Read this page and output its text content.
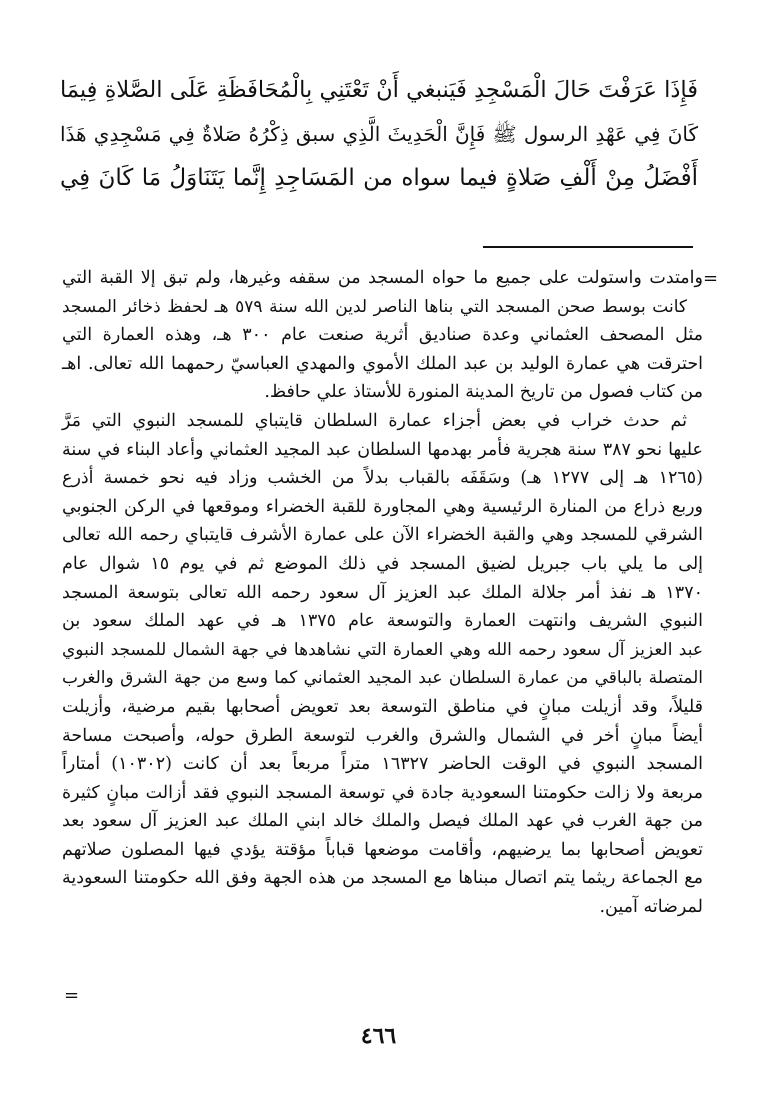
فَإِذَا عَرَفْتَ حَالَ الْمَسْجِدِ فَيَنبغي أَنْ تَعْتَنِي بِالْمُحَافَظَةِ عَلَى الصَّلاةِ فِيمَا
كَانَ فِي عَهْدِ الرسول ﷺ فَإِنَّ الْحَدِيثَ الَّذِي سبق ذِكْرُهُ صَلاةٌ فِي مَسْجِدِي هَذَا
أَفْضَلُ مِنْ أَلْفِ صَلاةٍ فيما سواه من المَسَاجِدِ إِنَّما يَتَنَاوَلُ مَا كَانَ فِي
=
وامتدت واستولت على جميع ما حواه المسجد من سقفه وغيرها، ولم تبق إلا القبة التي
كانت بوسط صحن المسجد التي بناها الناصر لدين الله سنة ٥٧٩ هـ لحفظ ذخائر المسجد
مثل المصحف العثماني وعدة صناديق أثرية صنعت عام ٣٠٠ هـ، وهذه العمارة التي
احترقت هي عمارة الوليد بن عبد الملك الأموي والمهدي العباسيّ رحمهما الله تعالى. اهـ
من كتاب فصول من تاريخ المدينة المنورة للأستاذ علي حافظ.
ثم حدث خراب في بعض أجزاء عمارة السلطان قايتباي للمسجد النبوي التي مَرَّ
عليها نحو ٣٨٧ سنة هجرية فأمر بهدمها السلطان عبد المجيد العثماني وأعاد البناء في سنة
(١٢٦٥ هـ إلى ١٢٧٧ هـ) وسَقَفَه بالقباب بدلاً من الخشب وزاد فيه نحو خمسة أذرع
وربع ذراع من المنارة الرئيسية وهي المجاورة للقبة الخضراء وموقعها في الركن الجنوبي
الشرقي للمسجد وهي والقبة الخضراء الآن على عمارة الأشرف قايتباي رحمه الله تعالى
إلى ما يلي باب جبريل لضيق المسجد في ذلك الموضع ثم في يوم ١٥ شوال عام
١٣٧٠ هـ نفذ أمر جلالة الملك عبد العزيز آل سعود رحمه الله تعالى بتوسعة المسجد
النبوي الشريف وانتهت العمارة والتوسعة عام ١٣٧٥ هـ في عهد الملك سعود بن
عبد العزيز آل سعود رحمه الله وهي العمارة التي نشاهدها في جهة الشمال للمسجد النبوي
المتصلة بالباقي من عمارة السلطان عبد المجيد العثماني كما وسع من جهة الشرق والغرب
قليلاً، وقد أزيلت مبانٍ في مناطق التوسعة بعد تعويض أصحابها بقيم مرضية، وأزيلت
أيضاً مبانٍ أخر في الشمال والشرق والغرب لتوسعة الطرق حوله، وأصبحت مساحة
المسجد النبوي في الوقت الحاضر ١٦٣٢٧ متراً مربعاً بعد أن كانت (١٠٣٠٢) أمتاراً
مربعة ولا زالت حكومتنا السعودية جادة في توسعة المسجد النبوي فقد أزالت مبانٍ كثيرة
من جهة الغرب في عهد الملك فيصل والملك خالد ابني الملك عبد العزيز آل سعود بعد
تعويض أصحابها بما يرضيهم، وأقامت موضعها قباباً مؤقتة يؤدي فيها المصلون صلاتهم
مع الجماعة ريثما يتم اتصال مبناها مع المسجد من هذه الجهة وفق الله حكومتنا السعودية
لمرضاته آمين.
=
٤٦٦
